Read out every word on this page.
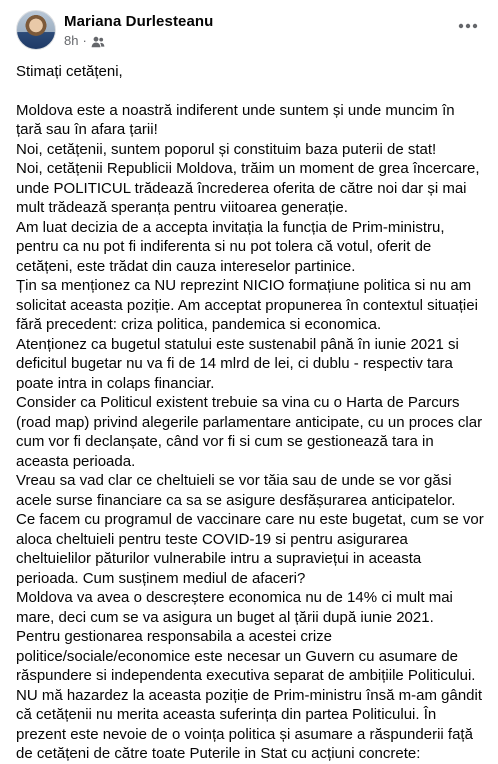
Mariana Durlesteanu
8h ·
Stimați cetățeni,
Moldova este a noastră indiferent unde suntem și unde muncim în țară sau în afara țarii!
Noi, cetățenii, suntem poporul și constituim baza puterii de stat!
Noi, cetățenii Republicii Moldova, trăim un moment de grea încercare, unde POLITICUL trădează încrederea oferita de către noi dar și mai mult trădează speranța pentru viitoarea generație.
Am luat decizia de a accepta invitația la funcția de Prim-ministru, pentru ca nu pot fi indiferenta si nu pot tolera că votul, oferit de cetățeni, este trădat din cauza intereselor partinice.
Țin sa menționez ca NU reprezint NICIO formațiune politica si nu am solicitat aceasta poziție. Am acceptat propunerea în contextul situației fără precedent: criza politica, pandemica si economica.
Atenționez ca bugetul statului este sustenabil până în iunie 2021 si deficitul bugetar nu va fi de 14 mlrd de lei, ci dublu - respectiv tara poate intra in colaps financiar.
Consider ca Politicul existent trebuie sa vina cu o Harta de Parcurs (road map) privind alegerile parlamentare anticipate, cu un proces clar cum vor fi declanșate, când vor fi si cum se gestionează tara in aceasta perioada.
Vreau sa vad clar ce cheltuieli se vor tăia sau de unde se vor găsi acele surse financiare ca sa se asigure desfășurarea anticipatelor.
Ce facem cu programul de vaccinare care nu este bugetat, cum se vor aloca cheltuieli pentru teste COVID-19 si pentru asigurarea cheltuielilor păturilor vulnerabile intru a supraviețui in aceasta perioada. Cum susținem mediul de afaceri?
Moldova va avea o descreștere economica nu de 14% ci mult mai mare, deci cum se va asigura un buget al țării după iunie 2021.
Pentru gestionarea responsabila a acestei crize politice/sociale/economice este necesar un Guvern cu asumare de răspundere si independenta executiva separat de ambițiile Politicului. NU mă hazardez la aceasta poziție de Prim-ministru însă m-am gândit că cetățenii nu merita aceasta suferința din partea Politicului. În prezent este nevoie de o voința politica și asumare a răspunderii față de cetățeni de către toate Puterile in Stat cu acțiuni concrete:
